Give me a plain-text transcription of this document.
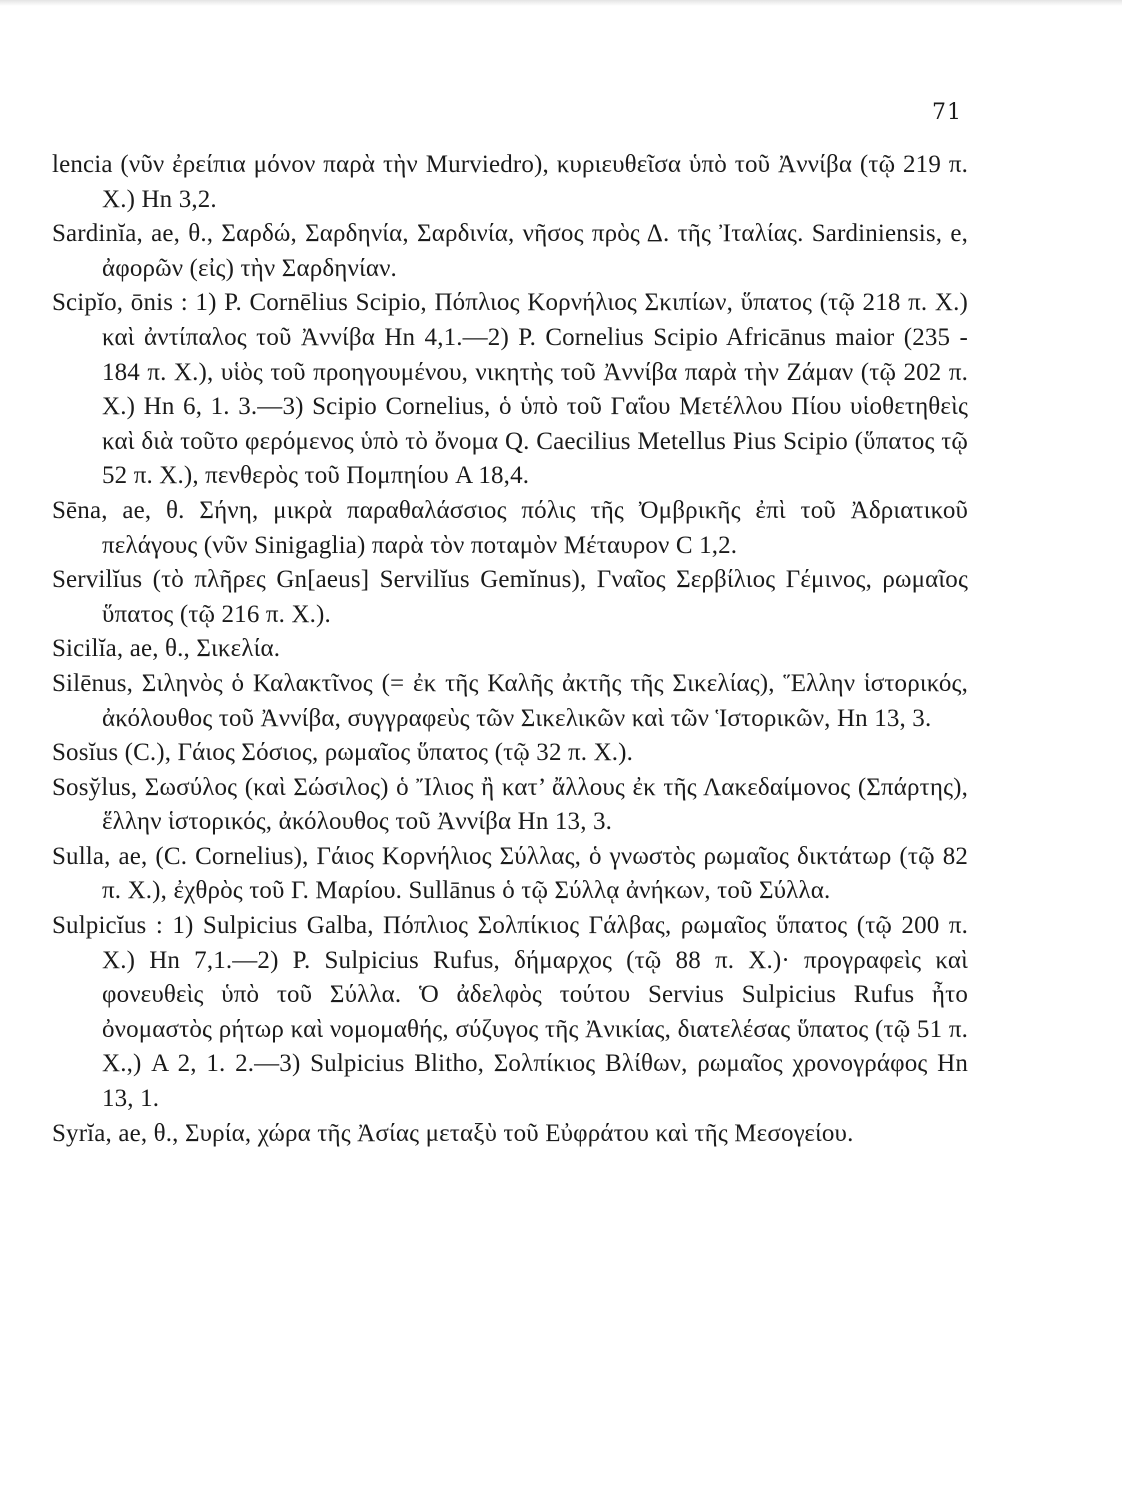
71

lencia (νῦν ἐρείπια μόνον παρὰ τὴν Murviedro), κυριευθεῖσα ὑπὸ τοῦ Ἀννίβα (τῷ 219 π. Χ.) Hn 3,2.

Sardinĭa, ae, θ., Σαρδώ, Σαρδηνία, Σαρδινία, νῆσος πρὸς Δ. τῆς Ἰταλίας. Sardiniensis, e, ἀφορῶν (εἰς) τὴν Σαρδηνίαν.

Scipĭo, ōnis : 1) P. Cornēlius Scipio, Πόπλιος Κορνήλιος Σκιπίων, ὕπατος (τῷ 218 π. Χ.) καὶ ἀντίπαλος τοῦ Ἀννίβα Hn 4,1.—2) P. Cornelius Scipio Africānus maior (235 - 184 π. Χ.), υἱὸς τοῦ προηγουμένου, νικητὴς τοῦ Ἀννίβα παρὰ τὴν Ζάμαν (τῷ 202 π. Χ.) Hn 6, 1. 3.—3) Scipio Cornelius, ὁ ὑπὸ τοῦ Γαΐου Μετέλλου Πίου υἱοθετηθεὶς καὶ διὰ τοῦτο φερόμενος ὑπὸ τὸ ὄνομα Q. Caecilius Metellus Pius Scipio (ὕπατος τῷ 52 π. Χ.), πενθερὸς τοῦ Πομπηίου A 18,4.

Sēna, ae, θ. Σήνη, μικρὰ παραθαλάσσιος πόλις τῆς Ὀμβρικῆς ἐπὶ τοῦ Ἀδριατικοῦ πελάγους (νῦν Sinigaglia) παρὰ τὸν ποταμὸν Μέταυρον C 1,2.

Servilĭus (τὸ πλῆρες Gn[aeus] Servilĭus Gemĭnus), Γναῖος Σερβίλιος Γέμινος, ρωμαῖος ὕπατος (τῷ 216 π. Χ.).

Sicilĭa, ae, θ., Σικελία.

Silēnus, Σιληνὸς ὁ Καλακτῖνος (= ἐκ τῆς Καλῆς ἀκτῆς τῆς Σικελίας), Ἕλλην ἱστορικός, ἀκόλουθος τοῦ Ἀννίβα, συγγραφεὺς τῶν Σικελικῶν καὶ τῶν Ἱστορικῶν, Hn 13, 3.

Sosĭus (C.), Γάιος Σόσιος, ρωμαῖος ὕπατος (τῷ 32 π. Χ.).

Sosy̆lus, Σωσύλος (καὶ Σώσιλος) ὁ Ἴλιος ἢ κατ’ ἄλλους ἐκ τῆς Λακεδαίμονος (Σπάρτης), ἕλλην ἱστορικός, ἀκόλουθος τοῦ Ἀννίβα Hn 13, 3.

Sulla, ae, (C. Cornelius), Γάιος Κορνήλιος Σύλλας, ὁ γνωστὸς ρωμαῖος δικτάτωρ (τῷ 82 π. Χ.), ἐχθρὸς τοῦ Γ. Μαρίου. Sullānus ὁ τῷ Σύλλᾳ ἀνήκων, τοῦ Σύλλα.

Sulpicĭus : 1) Sulpicius Galba, Πόπλιος Σολπίκιος Γάλβας, ρωμαῖος ὕπατος (τῷ 200 π. Χ.) Hn 7,1.—2) P. Sulpicius Rufus, δήμαρχος (τῷ 88 π. Χ.)· προγραφεὶς καὶ φονευθεὶς ὑπὸ τοῦ Σύλλα. Ὁ ἀδελφὸς τούτου Servius Sulpicius Rufus ἦτο ὀνομαστὸς ρήτωρ καὶ νομομαθής, σύζυγος τῆς Ἀνικίας, διατελέσας ὕπατος (τῷ 51 π. Χ.,) A 2, 1. 2.—3) Sulpicius Blitho, Σολπίκιος Βλίθων, ρωμαῖος χρονογράφος Hn 13, 1.

Syrĭa, ae, θ., Συρία, χώρα τῆς Ἀσίας μεταξὺ τοῦ Εὐφράτου καὶ τῆς Μεσογείου.
